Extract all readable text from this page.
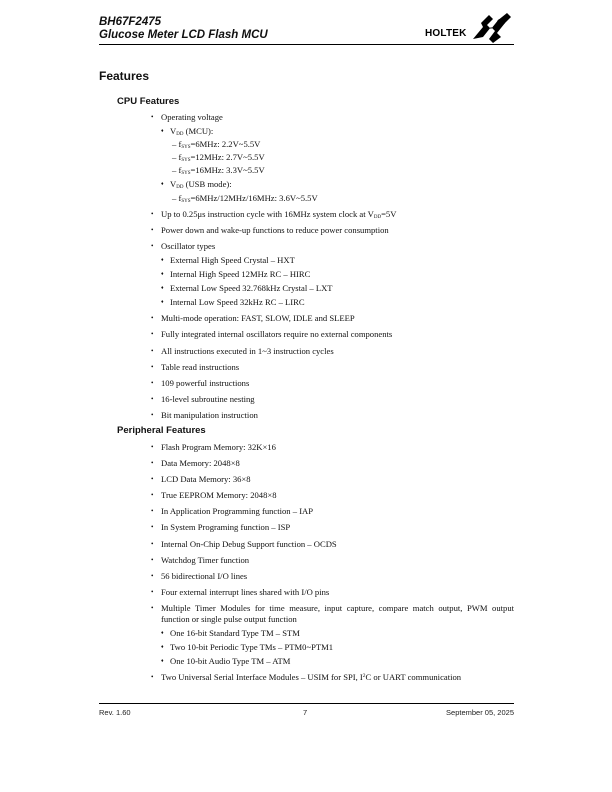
BH67F2475
Glucose Meter LCD Flash MCU	HOLTEK
Features
CPU Features
• Operating voltage
♦ $V_{DD}$ (MCU):
– $f_{SYS}=6MHz$: 2.2V~5.5V
– $f_{SYS}=12MHz$: 2.7V~5.5V
– $f_{SYS}=16MHz$: 3.3V~5.5V
♦ $V_{DD}$ (USB mode):
– $f_{SYS}=6MHz/12MHz/16MHz$: 3.6V~5.5V
• Up to 0.25μs instruction cycle with 16MHz system clock at $V_{DD}=5V$
• Power down and wake-up functions to reduce power consumption
• Oscillator types
♦ External High Speed Crystal – HXT
♦ Internal High Speed 12MHz RC – HIRC
♦ External Low Speed 32.768kHz Crystal – LXT
♦ Internal Low Speed 32kHz RC – LIRC
• Multi-mode operation: FAST, SLOW, IDLE and SLEEP
• Fully integrated internal oscillators require no external components
• All instructions executed in 1~3 instruction cycles
• Table read instructions
• 109 powerful instructions
• 16-level subroutine nesting
• Bit manipulation instruction
Peripheral Features
• Flash Program Memory: 32K×16
• Data Memory: 2048×8
• LCD Data Memory: 36×8
• True EEPROM Memory: 2048×8
• In Application Programming function – IAP
• In System Programing function – ISP
• Internal On-Chip Debug Support function – OCDS
• Watchdog Timer function
• 56 bidirectional I/O lines
• Four external interrupt lines shared with I/O pins
• Multiple Timer Modules for time measure, input capture, compare match output, PWM output function or single pulse output function
♦ One 16-bit Standard Type TM – STM
♦ Two 10-bit Periodic Type TMs – PTM0~PTM1
♦ One 10-bit Audio Type TM – ATM
• Two Universal Serial Interface Modules – USIM for SPI, $I^2C$ or UART communication
Rev. 1.60	7	September 05, 2025
